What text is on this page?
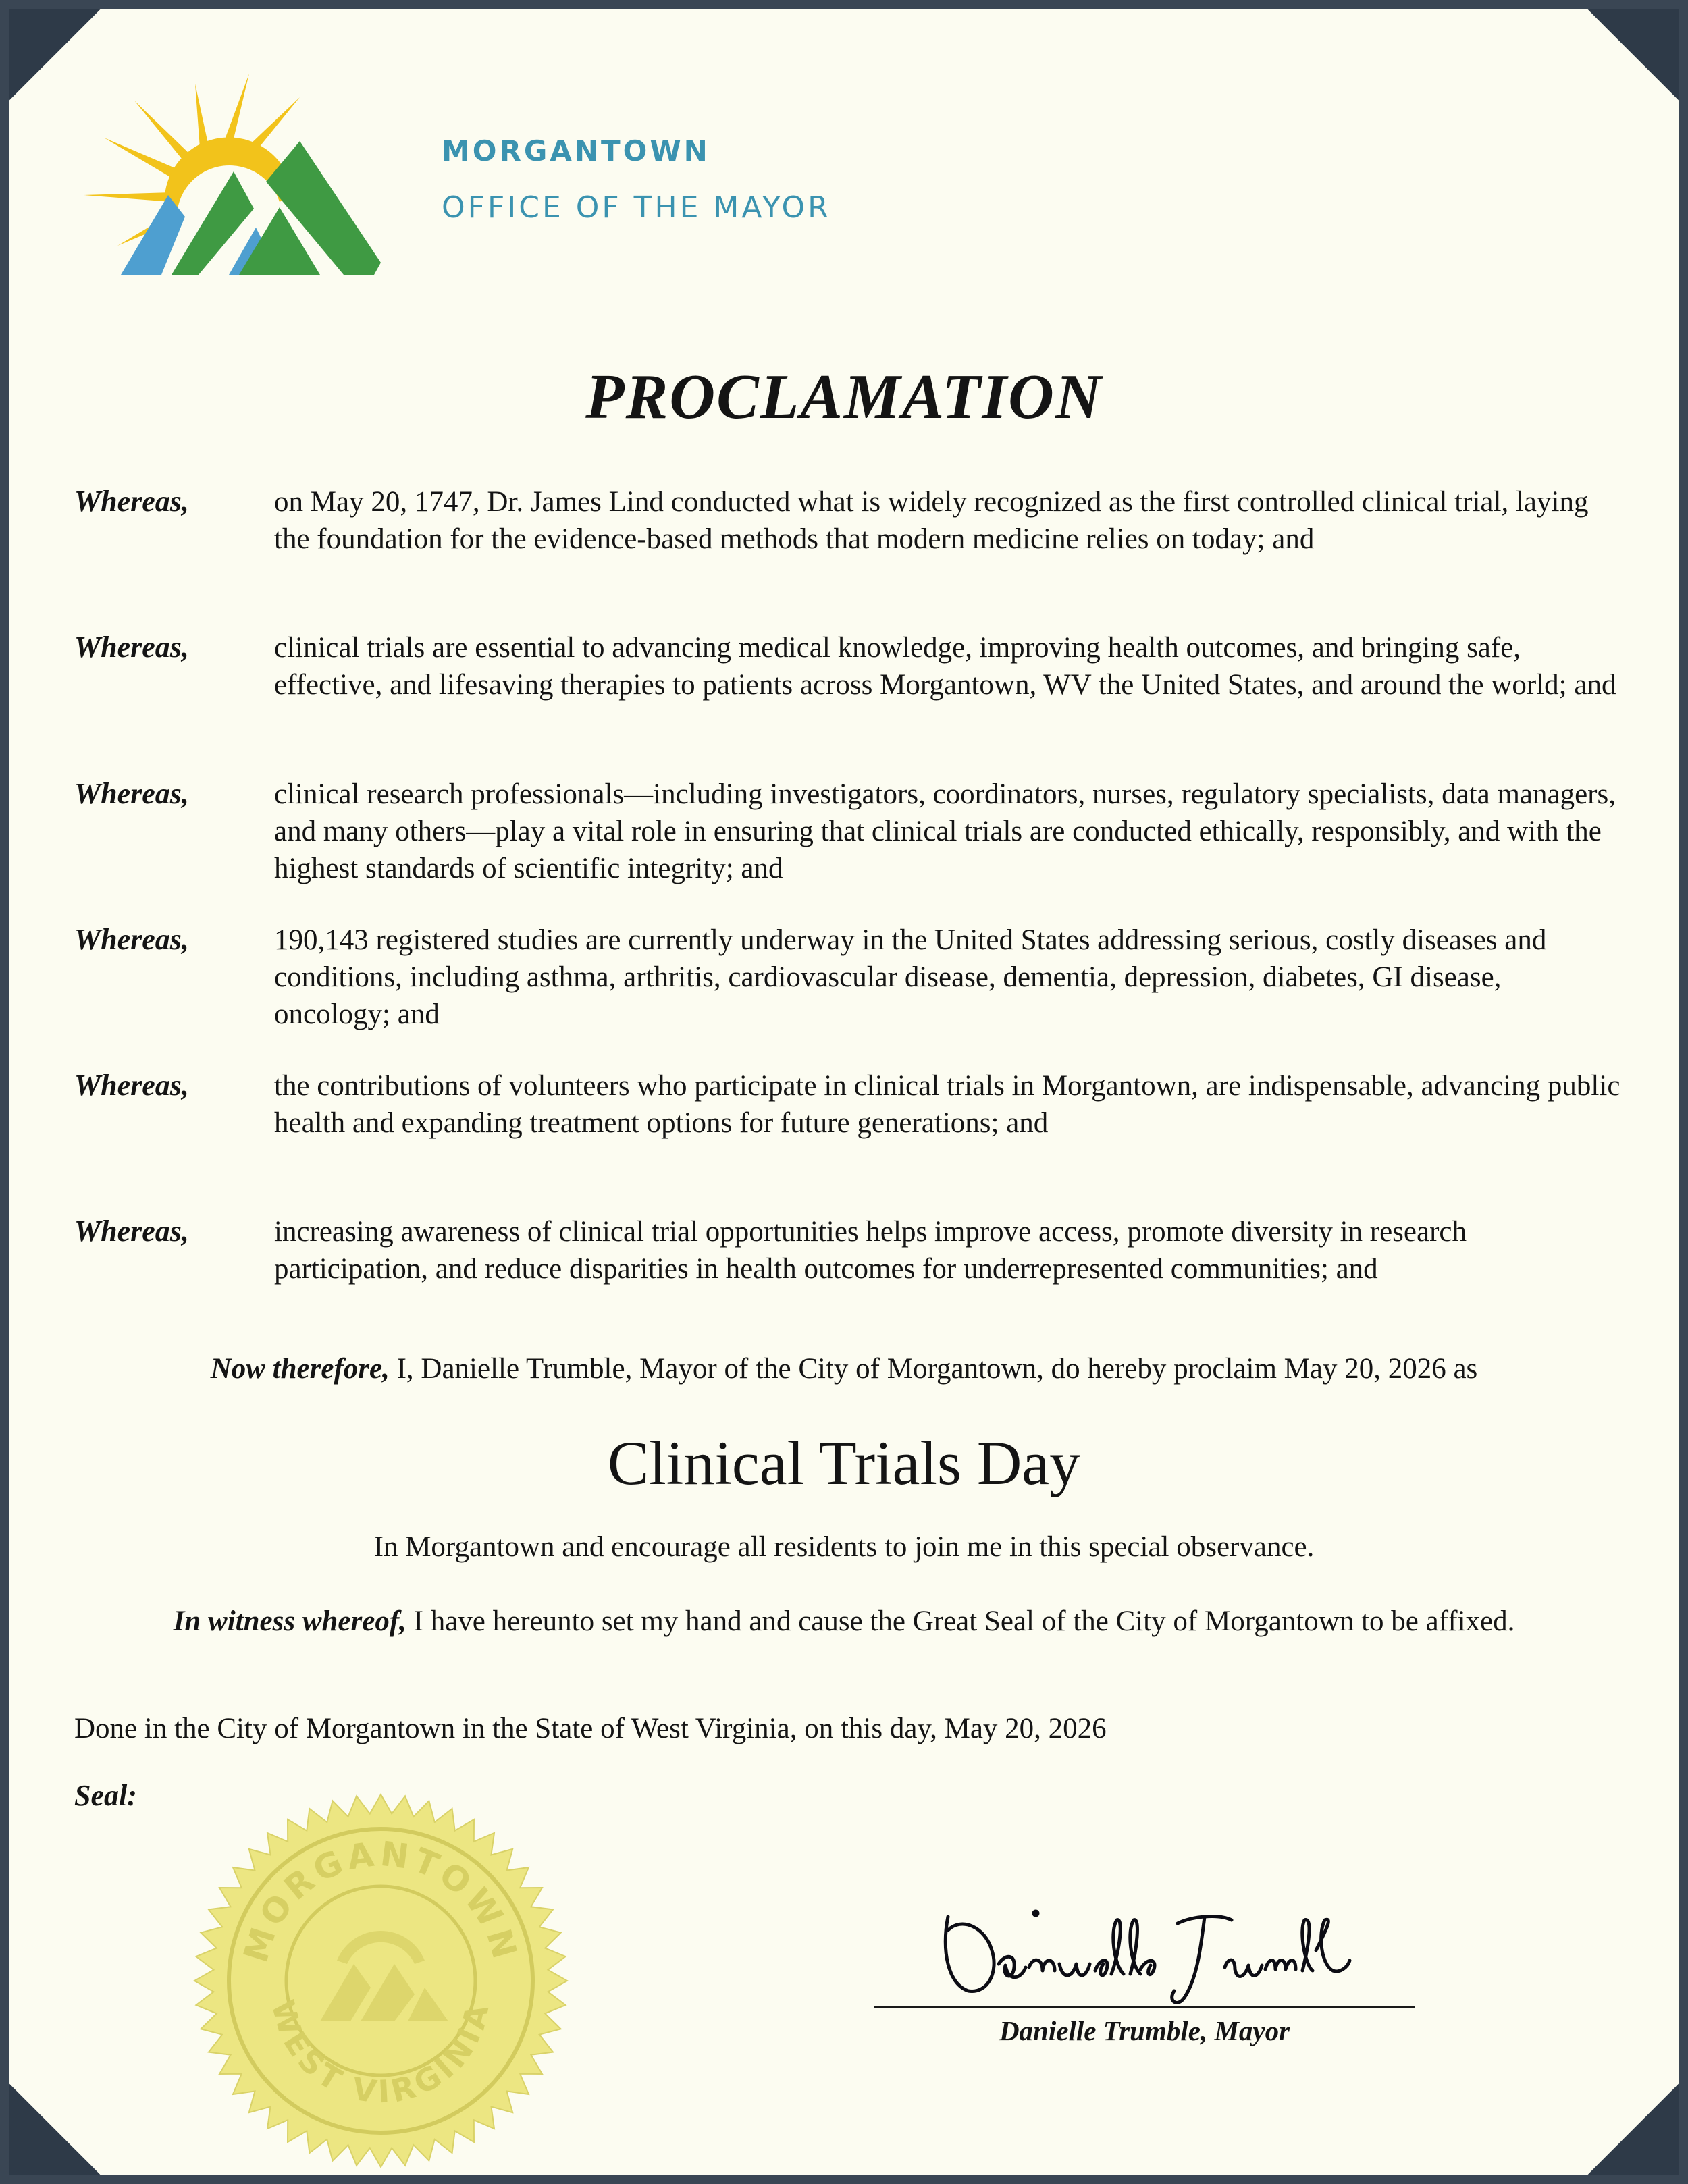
MORGANTOWN
OFFICE OF THE MAYOR
PROCLAMATION
Whereas,	on May 20, 1747, Dr. James Lind conducted what is widely recognized as the first controlled clinical trial, laying the foundation for the evidence-based methods that modern medicine relies on today; and
Whereas,	clinical trials are essential to advancing medical knowledge, improving health outcomes, and bringing safe, effective, and lifesaving therapies to patients across Morgantown, WV the United States, and around the world; and
Whereas,	clinical research professionals—including investigators, coordinators, nurses, regulatory specialists, data managers, and many others—play a vital role in ensuring that clinical trials are conducted ethically, responsibly, and with the highest standards of scientific integrity; and
Whereas,	190,143 registered studies are currently underway in the United States addressing serious, costly diseases and conditions, including asthma, arthritis, cardiovascular disease, dementia, depression, diabetes, GI disease, oncology; and
Whereas,	the contributions of volunteers who participate in clinical trials in Morgantown, are indispensable, advancing public health and expanding treatment options for future generations; and
Whereas,	increasing awareness of clinical trial opportunities helps improve access, promote diversity in research participation, and reduce disparities in health outcomes for underrepresented communities; and
Now therefore, I, Danielle Trumble, Mayor of the City of Morgantown, do hereby proclaim May 20, 2026 as
Clinical Trials Day
In Morgantown and encourage all residents to join me in this special observance.
In witness whereof, I have hereunto set my hand and cause the Great Seal of the City of Morgantown to be affixed.
Done in the City of Morgantown in the State of West Virginia, on this day, May 20, 2026
Seal:
MORGANTOWN
WEST VIRGINIA	Danielle Trumble, Mayor
